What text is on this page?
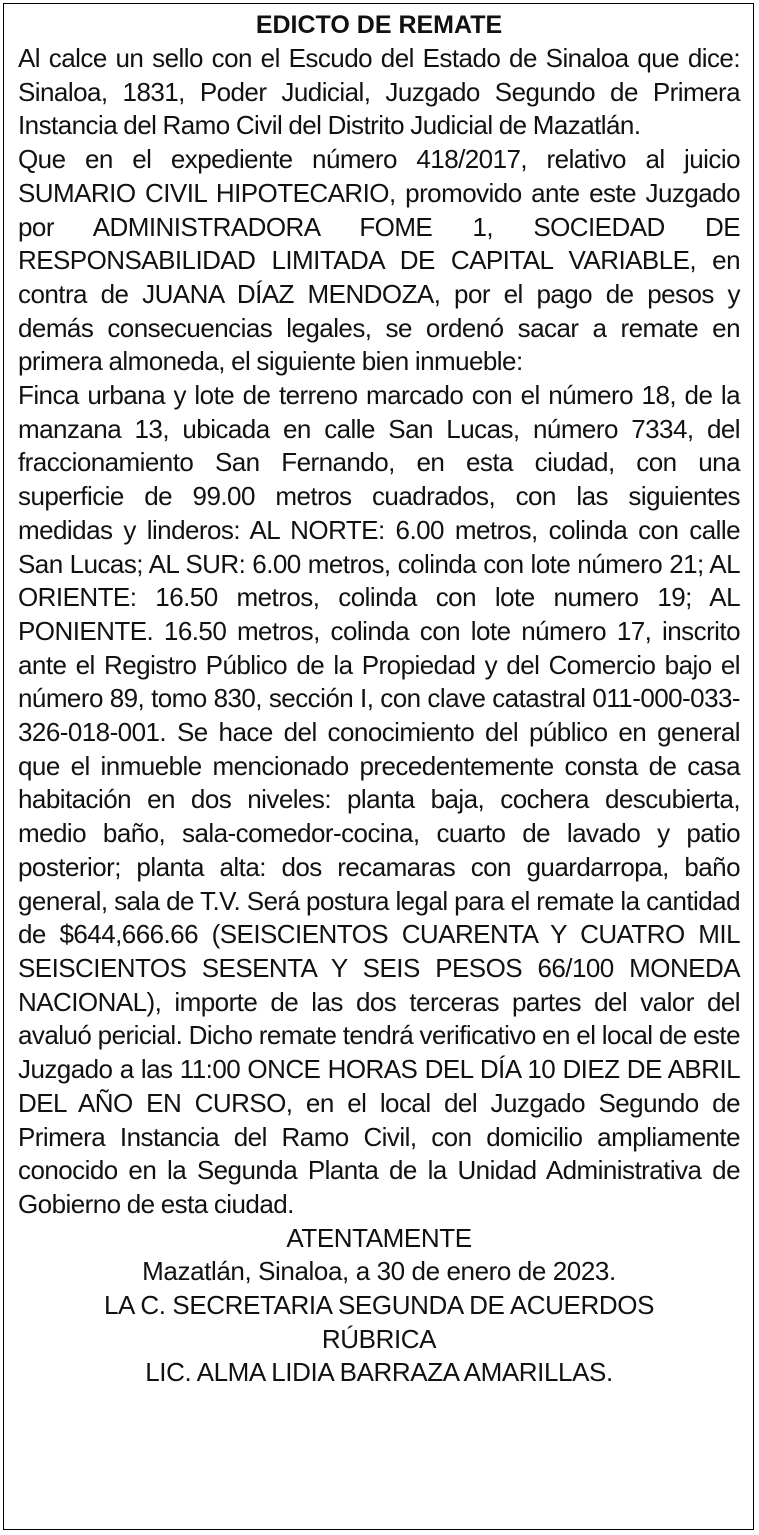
EDICTO DE REMATE

Al calce un sello con el Escudo del Estado de Sinaloa que dice: Sinaloa, 1831, Poder Judicial, Juzgado Segundo de Primera Instancia del Ramo Civil del Distrito Judicial de Mazatlán.

Que en el expediente número 418/2017, relativo al juicio SUMARIO CIVIL HIPOTECARIO, promovido ante este Juzgado por ADMINISTRADORA FOME 1, SOCIEDAD DE RESPONSABILIDAD LIMITADA DE CAPITAL VARIABLE, en contra de JUANA DÍAZ MENDOZA, por el pago de pesos y demás consecuencias legales, se ordenó sacar a remate en primera almoneda, el siguiente bien inmueble:

Finca urbana y lote de terreno marcado con el número 18, de la manzana 13, ubicada en calle San Lucas, número 7334, del fraccionamiento San Fernando, en esta ciudad, con una superficie de 99.00 metros cuadrados, con las siguientes medidas y linderos: AL NORTE: 6.00 metros, colinda con calle San Lucas; AL SUR: 6.00 metros, colinda con lote número 21; AL ORIENTE: 16.50 metros, colinda con lote numero 19; AL PONIENTE. 16.50 metros, colinda con lote número 17, inscrito ante el Registro Público de la Propiedad y del Comercio bajo el número 89, tomo 830, sección I, con clave catastral 011-000-033-326-018-001. Se hace del conocimiento del público en general que el inmueble mencionado precedentemente consta de casa habitación en dos niveles: planta baja, cochera descubierta, medio baño, sala-comedor-cocina, cuarto de lavado y patio posterior; planta alta: dos recamaras con guardarropa, baño general, sala de T.V. Será postura legal para el remate la cantidad de $644,666.66 (SEISCIENTOS CUARENTA Y CUATRO MIL SEISCIENTOS SESENTA Y SEIS PESOS 66/100 MONEDA NACIONAL), importe de las dos terceras partes del valor del avaluó pericial. Dicho remate tendrá verificativo en el local de este Juzgado a las 11:00 ONCE HORAS DEL DÍA 10 DIEZ DE ABRIL DEL AÑO EN CURSO, en el local del Juzgado Segundo de Primera Instancia del Ramo Civil, con domicilio ampliamente conocido en la Segunda Planta de la Unidad Administrativa de Gobierno de esta ciudad.

ATENTAMENTE

Mazatlán, Sinaloa, a 30 de enero de 2023.

LA C. SECRETARIA SEGUNDA DE ACUERDOS

RÚBRICA

LIC. ALMA LIDIA BARRAZA AMARILLAS.
